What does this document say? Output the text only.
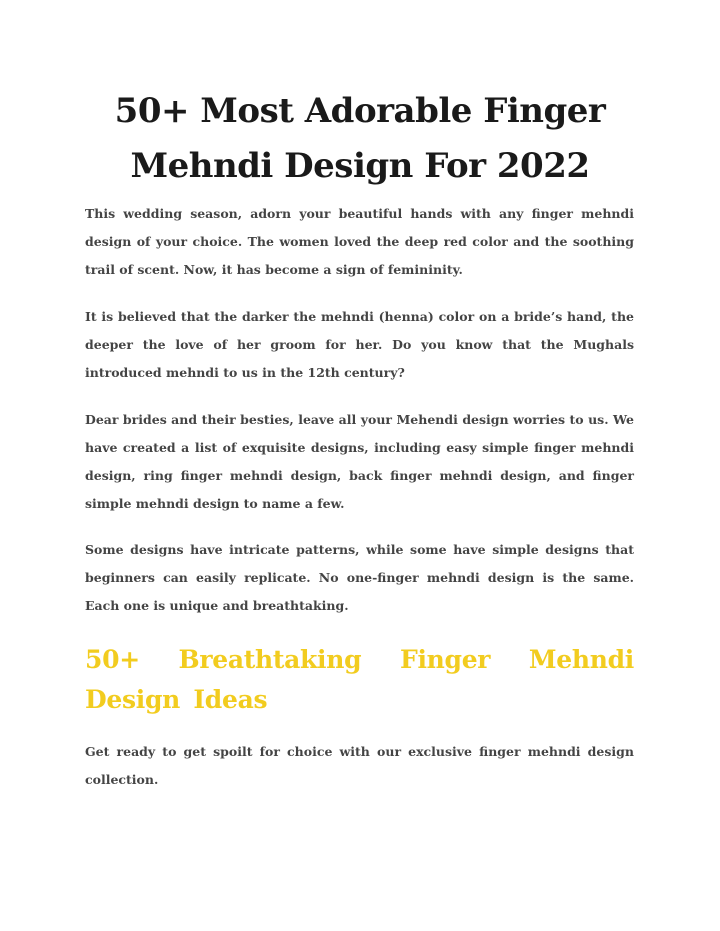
50+ Most Adorable Finger Mehndi Design For 2022

This wedding season, adorn your beautiful hands with any finger mehndi design of your choice. The women loved the deep red color and the soothing trail of scent. Now, it has become a sign of femininity.

It is believed that the darker the mehndi (henna) color on a bride’s hand, the deeper the love of her groom for her. Do you know that the Mughals introduced mehndi to us in the 12th century?

Dear brides and their besties, leave all your Mehendi design worries to us. We have created a list of exquisite designs, including easy simple finger mehndi design, ring finger mehndi design, back finger mehndi design, and finger simple mehndi design to name a few.

Some designs have intricate patterns, while some have simple designs that beginners can easily replicate. No one-finger mehndi design is the same. Each one is unique and breathtaking.

50+ Breathtaking Finger Mehndi Design Ideas

Get ready to get spoilt for choice with our exclusive finger mehndi design collection.
